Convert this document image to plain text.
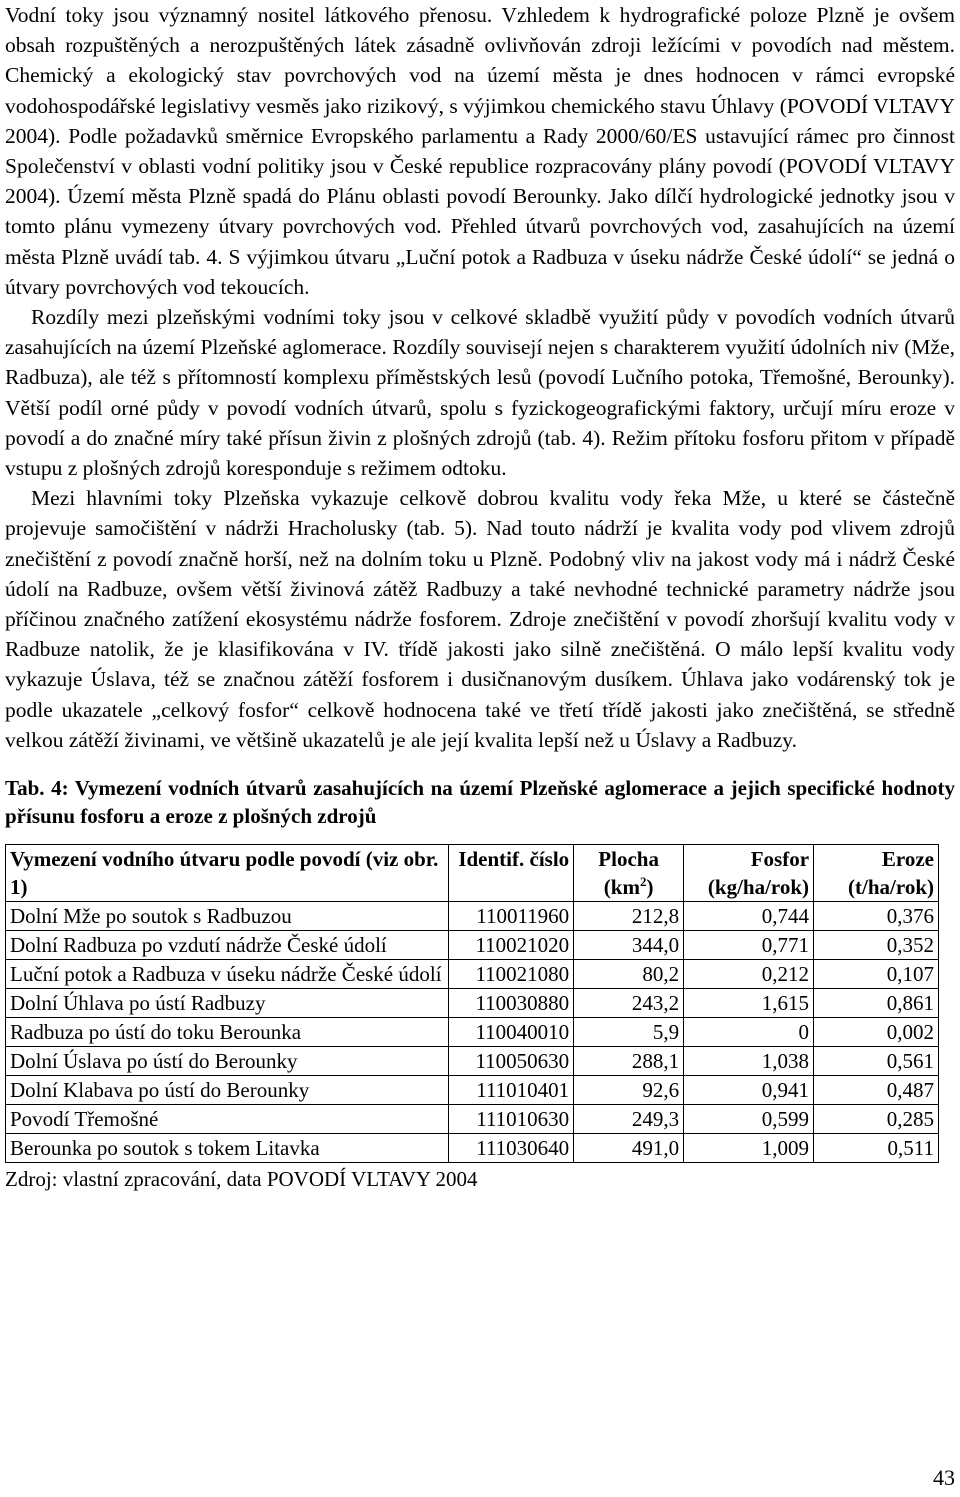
Vodní toky jsou významný nositel látkového přenosu. Vzhledem k hydrografické poloze Plzně je ovšem obsah rozpuštěných a nerozpuštěných látek zásadně ovlivňován zdroji ležícími v povodích nad městem. Chemický a ekologický stav povrchových vod na území města je dnes hodnocen v rámci evropské vodohospodářské legislativy vesměs jako rizikový, s výjimkou chemického stavu Úhlavy (POVODÍ VLTAVY 2004). Podle požadavků směrnice Evropského parlamentu a Rady 2000/60/ES ustavující rámec pro činnost Společenství v oblasti vodní politiky jsou v České republice rozpracovány plány povodí (POVODÍ VLTAVY 2004). Území města Plzně spadá do Plánu oblasti povodí Berounky. Jako dílčí hydrologické jednotky jsou v tomto plánu vymezeny útvary povrchových vod. Přehled útvarů povrchových vod, zasahujících na území města Plzně uvádí tab. 4. S výjimkou útvaru „Luční potok a Radbuza v úseku nádrže České údolí“ se jedná o útvary povrchových vod tekoucích.

Rozdíly mezi plzeňskými vodními toky jsou v celkové skladbě využití půdy v povodích vodních útvarů zasahujících na území Plzeňské aglomerace. Rozdíly souvisejí nejen s charakterem využití údolních niv (Mže, Radbuza), ale též s přítomností komplexu příměstských lesů (povodí Lučního potoka, Třemošné, Berounky). Větší podíl orné půdy v povodí vodních útvarů, spolu s fyzickogeografickými faktory, určují míru eroze v povodí a do značné míry také přísun živin z plošných zdrojů (tab. 4). Režim přítoku fosforu přitom v případě vstupu z plošných zdrojů koresponduje s režimem odtoku.

Mezi hlavními toky Plzeňska vykazuje celkově dobrou kvalitu vody řeka Mže, u které se částečně projevuje samočištění v nádrži Hracholusky (tab. 5). Nad touto nádrží je kvalita vody pod vlivem zdrojů znečištění z povodí značně horší, než na dolním toku u Plzně. Podobný vliv na jakost vody má i nádrž České údolí na Radbuze, ovšem větší živinová zátěž Radbuzy a také nevhodné technické parametry nádrže jsou příčinou značného zatížení ekosystému nádrže fosforem. Zdroje znečištění v povodí zhoršují kvalitu vody v Radbuze natolik, že je klasifikována v IV. třídě jakosti jako silně znečištěná. O málo lepší kvalitu vody vykazuje Úslava, též se značnou zátěží fosforem i dusičnanovým dusíkem. Úhlava jako vodárenský tok je podle ukazatele „celkový fosfor“ celkově hodnocena také ve třetí třídě jakosti jako znečištěná, se středně velkou zátěží živinami, ve většině ukazatelů je ale její kvalita lepší než u Úslavy a Radbuzy.

Tab. 4: Vymezení vodních útvarů zasahujících na území Plzeňské aglomerace a jejich specifické hodnoty přísunu fosforu a eroze z plošných zdrojů

Vymezení vodního útvaru podle povodí (viz obr. 1)	Identif. číslo	Plocha $(km^2)$	Fosfor (kg/ha/rok)	Eroze (t/ha/rok)
Dolní Mže po soutok s Radbuzou	110011960	212,8	0,744	0,376
Dolní Radbuza po vzdutí nádrže České údolí	110021020	344,0	0,771	0,352
Luční potok a Radbuza v úseku nádrže České údolí	110021080	80,2	0,212	0,107
Dolní Úhlava po ústí Radbuzy	110030880	243,2	1,615	0,861
Radbuza po ústí do toku Berounka	110040010	5,9	0	0,002
Dolní Úslava po ústí do Berounky	110050630	288,1	1,038	0,561
Dolní Klabava po ústí do Berounky	111010401	92,6	0,941	0,487
Povodí Třemošné	111010630	249,3	0,599	0,285
Berounka po soutok s tokem Litavka	111030640	491,0	1,009	0,511
Zdroj: vlastní zpracování, data POVODÍ VLTAVY 2004
43
